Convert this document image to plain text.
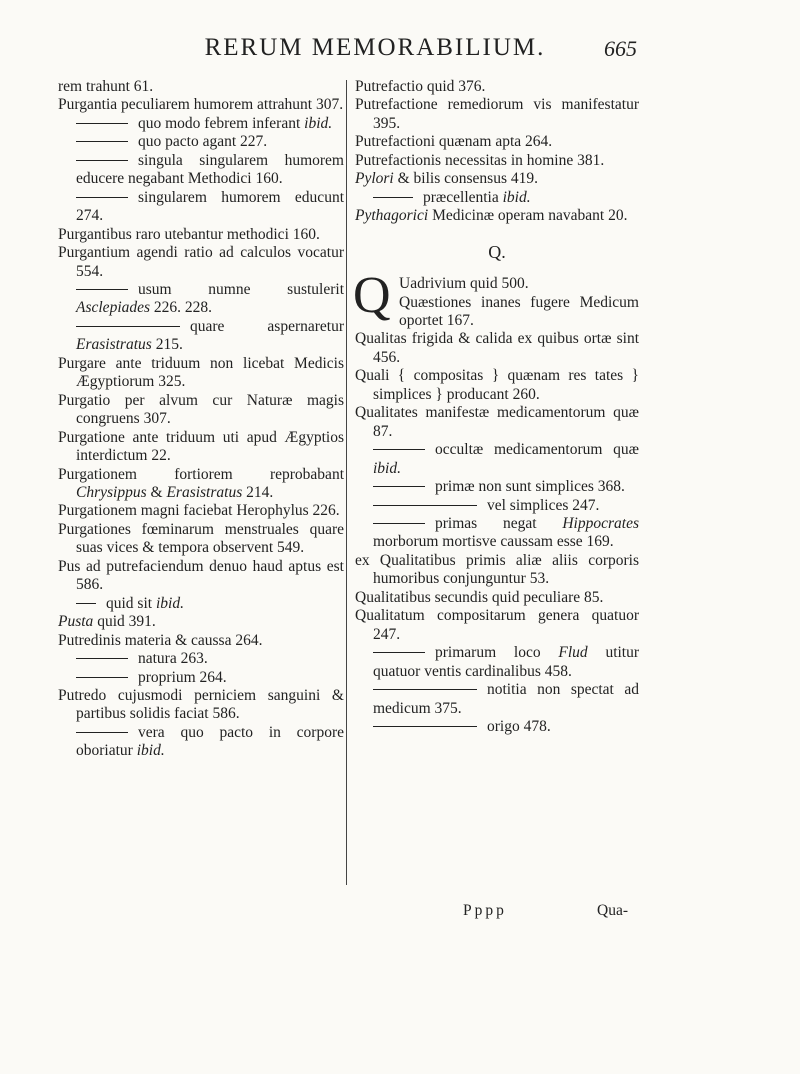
RERUM MEMORABILIUM.	665

rem trahunt 61.

Purgantia peculiarem humorem attrahunt 307.

quo modo febrem inferant ibid.

quo pacto agant 227.

singula singularem humorem educere negabant Methodici 160.

singularem humorem educunt 274.

Purgantibus raro utebantur methodici 160.

Purgantium agendi ratio ad calculos vocatur 554.

usum numne sustulerit Asclepiades 226. 228.

quare aspernaretur Erasistratus 215.

Purgare ante triduum non licebat Medicis Ægyptiorum 325.

Purgatio per alvum cur Naturæ magis congruens 307.

Purgatione ante triduum uti apud Ægyptios interdictum 22.

Purgationem fortiorem reprobabant Chrysippus & Erasistratus 214.

Purgationem magni faciebat Herophylus 226.

Purgationes fœminarum menstruales quare suas vices & tempora observent 549.

Pus ad putrefaciendum denuo haud aptus est 586.

quid sit ibid.

Pusta quid 391.

Putredinis materia & caussa 264.

natura 263.

proprium 264.

Putredo cujusmodi perniciem sanguini & partibus solidis faciat 586.

vera quo pacto in corpore oboriatur ibid.

Putrefactio quid 376.

Putrefactione remediorum vis manifestatur 395.

Putrefactioni quænam apta 264.

Putrefactionis necessitas in homine 381.

Pylori & bilis consensus 419.

præcellentia ibid.

Pythagorici Medicinæ operam navabant 20.

Q.

Q Uadrivium quid 500.
Quæstiones inanes fugere Medicum oportet 167.

Qualitas frigida & calida ex quibus ortæ sint 456.

Quali { compositas } quænam res tates } simplices } producant 260.

Qualitates manifestæ medicamentorum quæ 87.

occultæ medicamentorum quæ ibid.

primæ non sunt simplices 368.

vel simplices 247.

primas negat Hippocrates morborum mortisve caussam esse 169.

ex Qualitatibus primis aliæ aliis corporis humoribus conjunguntur 53.

Qualitatibus secundis quid peculiare 85.

Qualitatum compositarum genera quatuor 247.

primarum loco Flud utitur quatuor ventis cardinalibus 458.

notitia non spectat ad medicum 375.

origo 478.

Pppp	Qua-
